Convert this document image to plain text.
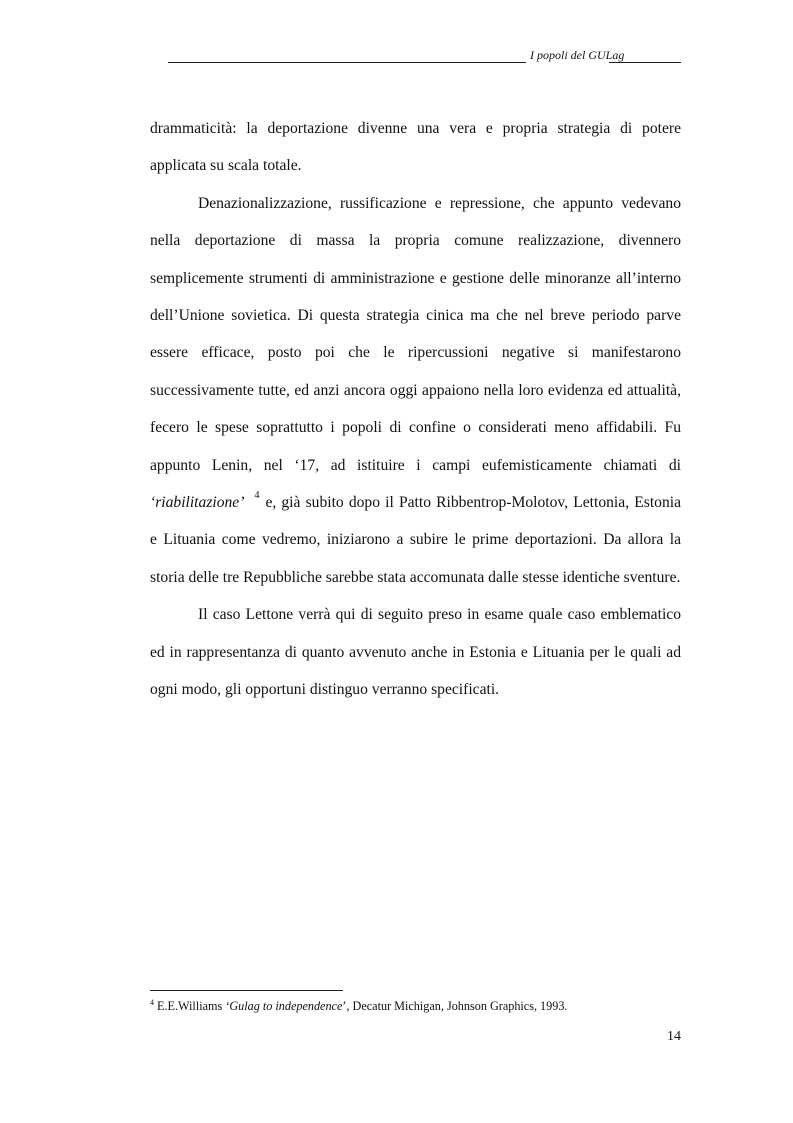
I popoli del GULag

drammaticità: la deportazione divenne una vera e propria strategia di potere applicata su scala totale.

Denazionalizzazione, russificazione e repressione, che appunto vedevano nella deportazione di massa la propria comune realizzazione, divennero semplicemente strumenti di amministrazione e gestione delle minoranze all’interno dell’Unione sovietica. Di questa strategia cinica ma che nel breve periodo parve essere efficace, posto poi che le ripercussioni negative si manifestarono successivamente tutte, ed anzi ancora oggi appaiono nella loro evidenza ed attualità, fecero le spese soprattutto i popoli di confine o considerati meno affidabili. Fu appunto Lenin, nel ‘17, ad istituire i campi eufemisticamente chiamati di ‘riabilitazione’ $^4$ e, già subito dopo il Patto Ribbentrop-Molotov, Lettonia, Estonia e Lituania come vedremo, iniziarono a subire le prime deportazioni. Da allora la storia delle tre Repubbliche sarebbe stata accomunata dalle stesse identiche sventure.

Il caso Lettone verrà qui di seguito preso in esame quale caso emblematico ed in rappresentanza di quanto avvenuto anche in Estonia e Lituania per le quali ad ogni modo, gli opportuni distinguo verranno specificati.

$^4$ E.E.Williams ‘Gulag to independence’, Decatur Michigan, Johnson Graphics, 1993.
14
